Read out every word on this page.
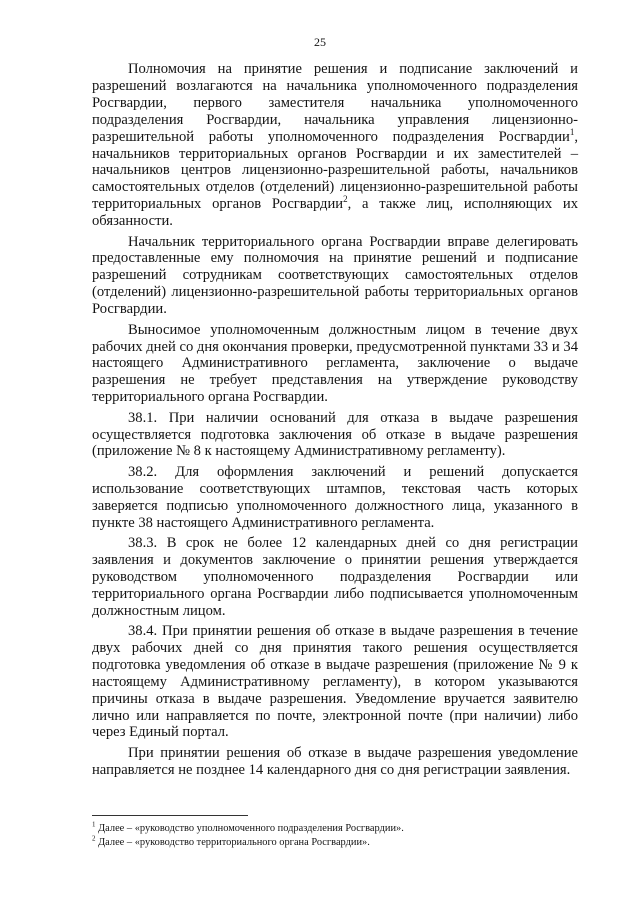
25

Полномочия на принятие решения и подписание заключений и разрешений возлагаются на начальника уполномоченного подразделения Росгвардии, первого заместителя начальника уполномоченного подразделения Росгвардии, начальника управления лицензионно-разрешительной работы уполномоченного подразделения Росгвардии$^1$, начальников территориальных органов Росгвардии и их заместителей – начальников центров лицензионно-разрешительной работы, начальников самостоятельных отделов (отделений) лицензионно-разрешительной работы территориальных органов Росгвардии$^2$, а также лиц, исполняющих их обязанности.

Начальник территориального органа Росгвардии вправе делегировать предоставленные ему полномочия на принятие решений и подписание разрешений сотрудникам соответствующих самостоятельных отделов (отделений) лицензионно-разрешительной работы территориальных органов Росгвардии.

Выносимое уполномоченным должностным лицом в течение двух рабочих дней со дня окончания проверки, предусмотренной пунктами 33 и 34 настоящего Административного регламента, заключение о выдаче разрешения не требует представления на утверждение руководству территориального органа Росгвардии.

38.1. При наличии оснований для отказа в выдаче разрешения осуществляется подготовка заключения об отказе в выдаче разрешения (приложение № 8 к настоящему Административному регламенту).

38.2. Для оформления заключений и решений допускается использование соответствующих штампов, текстовая часть которых заверяется подписью уполномоченного должностного лица, указанного в пункте 38 настоящего Административного регламента.

38.3. В срок не более 12 календарных дней со дня регистрации заявления и документов заключение о принятии решения утверждается руководством уполномоченного подразделения Росгвардии или территориального органа Росгвардии либо подписывается уполномоченным должностным лицом.

38.4. При принятии решения об отказе в выдаче разрешения в течение двух рабочих дней со дня принятия такого решения осуществляется подготовка уведомления об отказе в выдаче разрешения (приложение № 9 к настоящему Административному регламенту), в котором указываются причины отказа в выдаче разрешения. Уведомление вручается заявителю лично или направляется по почте, электронной почте (при наличии) либо через Единый портал.

При принятии решения об отказе в выдаче разрешения уведомление направляется не позднее 14 календарного дня со дня регистрации заявления.

$^1$ Далее – «руководство уполномоченного подразделения Росгвардии».
$^2$ Далее – «руководство территориального органа Росгвардии».
